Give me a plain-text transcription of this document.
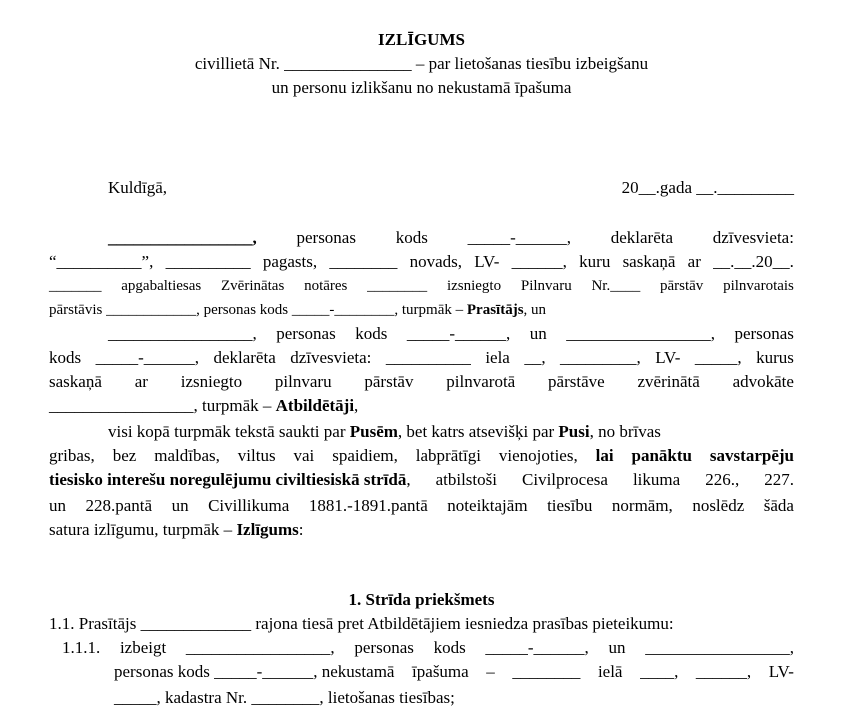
IZLĪGUMS
civillietā Nr. _______________ – par lietošanas tiesību izbeigšanu
un personu izlikšanu no nekustamā īpašuma
Kuldīgā,	20__.gada __._________
_________________, personas kods _____-______, deklarēta dzīvesvieta:
“__________”, __________ pagasts, ________ novads, LV- ______, kuru saskaņā ar __.__.20__.
_______ apgabaltiesas Zvērinātas notāres ________ izsniegto Pilnvaru Nr.____ pārstāv pilnvarotais
pārstāvis ____________, personas kods _____-________, turpmāk – Prasītājs, un
_________________, personas kods _____-______, un _________________, personas
kods _____-______, deklarēta dzīvesvieta: __________ iela __, _________, LV- _____, kurus
saskaņā ar izsniegto pilnvaru pārstāv pilnvarotā pārstāve zvērinātā advokāte
_________________, turpmāk – Atbildētāji,
visi kopā turpmāk tekstā saukti par Pusēm, bet katrs atsevišķi par Pusi, no brīvas
gribas, bez maldības, viltus vai spaidiem, labprātīgi vienojoties, lai panāktu savstarpēju
tiesisko interešu noregulējumu civiltiesiskā strīdā, atbilstoši Civilprocesa likuma 226., 227.
un 228.pantā un Civillikuma 1881.-1891.pantā noteiktajām tiesību normām, noslēdz šāda
satura izlīgumu, turpmāk – Izlīgums:
1. Strīda priekšmets
1.1. Prasītājs _____________ rajona tiesā pret Atbildētājiem iesniedza prasības pieteikumu:
1.1.1. izbeigt _________________, personas kods _____-______, un _________________,
personas kods _____-______, nekustamā īpašuma – ________ ielā ____, ______, LV-
_____, kadastra Nr. ________, lietošanas tiesības;
